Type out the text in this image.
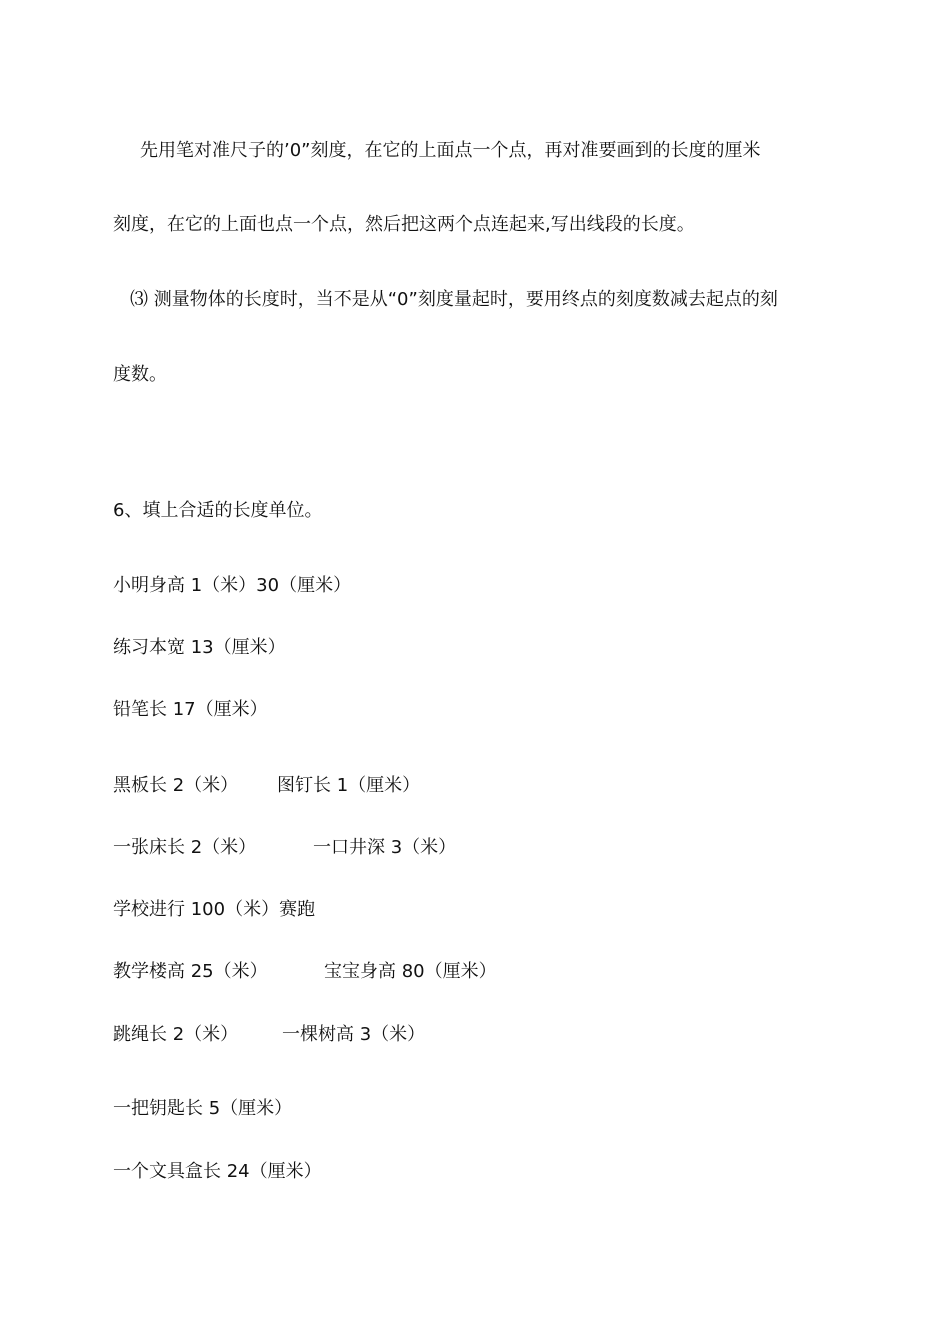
先用笔对准尺子的’0”刻度，在它的上面点一个点，再对准要画到的长度的厘米
刻度，在它的上面也点一个点，然后把这两个点连起来,写出线段的长度。
⑶ 测量物体的长度时，当不是从“0”刻度量起时，要用终点的刻度数减去起点的刻
度数。
6、填上合适的长度单位。
小明身高 1（米）30（厘米）
练习本宽 13（厘米）
铅笔长 17（厘米）
黑板长 2（米） 图钉长 1（厘米）
一张床长 2（米）	一口井深 3（米）
学校进行 100（米）赛跑
教学楼高 25（米）	宝宝身高 80（厘米）
跳绳长 2（米） 一棵树高 3（米）
一把钥匙长 5（厘米）
一个文具盒长 24（厘米）
